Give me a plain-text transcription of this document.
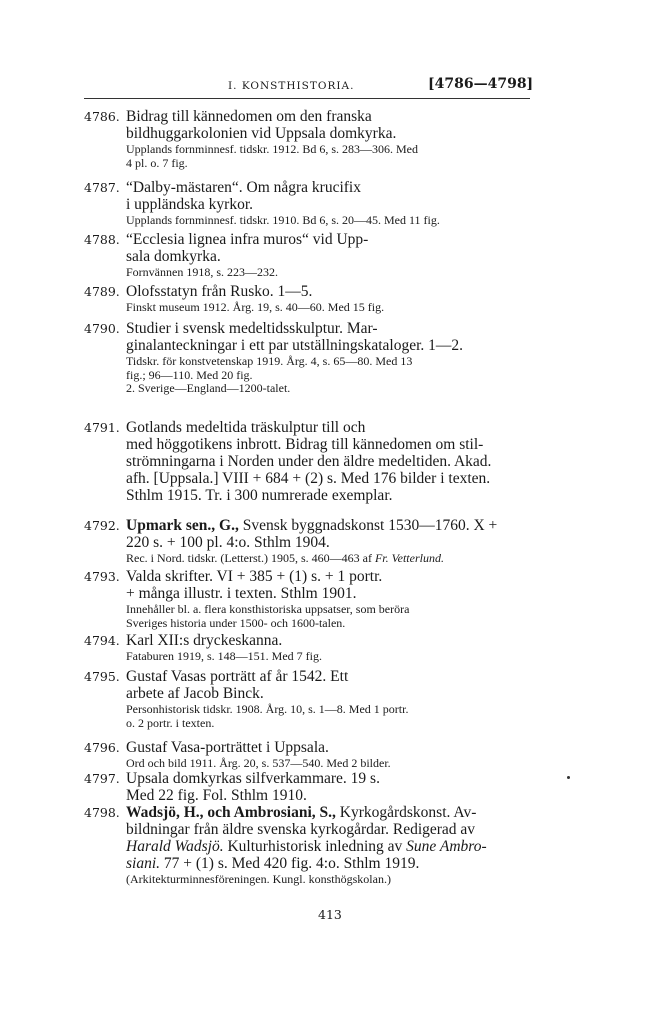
I. KONSTHISTORIA.	[4786—4798]
4786. Bidrag till kännedomen om den franska
bildhuggarkolonien vid Uppsala domkyrka.
Upplands fornminnesf. tidskr. 1912. Bd 6, s. 283—306. Med
4 pl. o. 7 fig.
4787. “Dalby-mästaren“. Om några krucifix
i uppländska kyrkor.
Upplands fornminnesf. tidskr. 1910. Bd 6, s. 20—45. Med 11 fig.
4788. “Ecclesia lignea infra muros“ vid Upp-
sala domkyrka.
Fornvännen 1918, s. 223—232.
4789. Olofsstatyn från Rusko. 1—5.
Finskt museum 1912. Årg. 19, s. 40—60. Med 15 fig.
4790. Studier i svensk medeltidsskulptur. Mar-
ginalanteckningar i ett par utställningskataloger. 1—2.
Tidskr. för konstvetenskap 1919. Årg. 4, s. 65—80. Med 13
fig.; 96—110. Med 20 fig.
2. Sverige—England—1200-talet.
4791. Gotlands medeltida träskulptur till och
med höggotikens inbrott. Bidrag till kännedomen om stil-
strömningarna i Norden under den äldre medeltiden. Akad.
afh. [Uppsala.] VIII + 684 + (2) s. Med 176 bilder i texten.
Sthlm 1915. Tr. i 300 numrerade exemplar.
4792. Upmark sen., G., Svensk byggnadskonst 1530—1760. X +
220 s. + 100 pl. 4:o. Sthlm 1904.
Rec. i Nord. tidskr. (Letterst.) 1905, s. 460—463 af Fr. Vetterlund.
4793. Valda skrifter. VI + 385 + (1) s. + 1 portr.
+ många illustr. i texten. Sthlm 1901.
Innehåller bl. a. flera konsthistoriska uppsatser, som beröra
Sveriges historia under 1500- och 1600-talen.
4794. Karl XII:s dryckeskanna.
Fataburen 1919, s. 148—151. Med 7 fig.
4795. Gustaf Vasas porträtt af år 1542. Ett
arbete af Jacob Binck.
Personhistorisk tidskr. 1908. Årg. 10, s. 1—8. Med 1 portr.
o. 2 portr. i texten.
4796. Gustaf Vasa-porträttet i Uppsala.
Ord och bild 1911. Årg. 20, s. 537—540. Med 2 bilder.
4797. Upsala domkyrkas silfverkammare. 19 s.
Med 22 fig. Fol. Sthlm 1910.
4798. Wadsjö, H., och Ambrosiani, S., Kyrkogårdskonst. Av-
bildningar från äldre svenska kyrkogårdar. Redigerad av
Harald Wadsjö. Kulturhistorisk inledning av Sune Ambro-
siani. 77 + (1) s. Med 420 fig. 4:o. Sthlm 1919.
(Arkitekturminnesföreningen. Kungl. konsthögskolan.)
413
